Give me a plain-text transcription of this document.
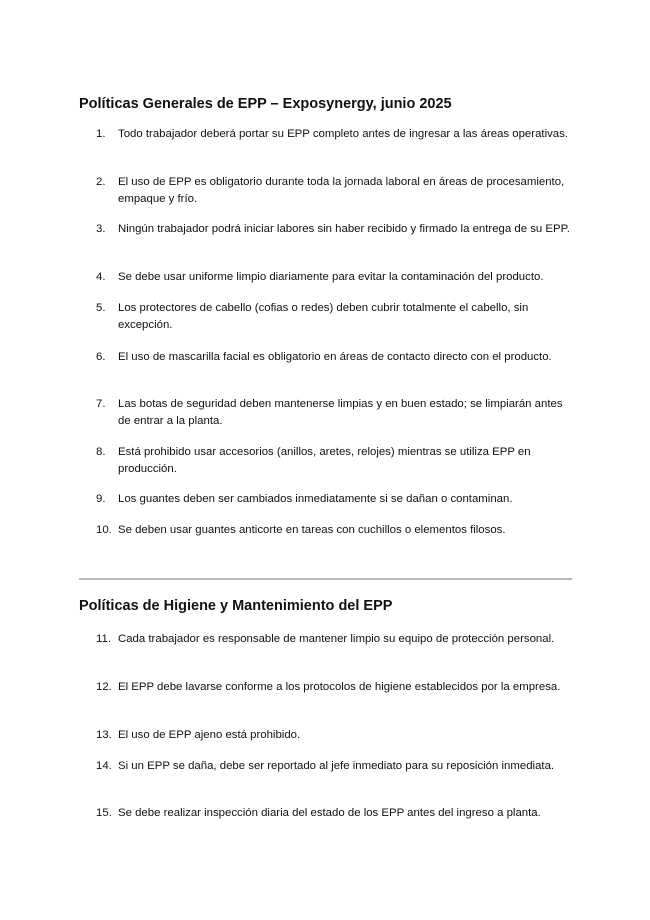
Políticas Generales de EPP – Exposynergy, junio 2025
1.	Todo trabajador deberá portar su EPP completo antes de ingresar a las áreas operativas.
2.	El uso de EPP es obligatorio durante toda la jornada laboral en áreas de procesamiento, empaque y frío.
3.	Ningún trabajador podrá iniciar labores sin haber recibido y firmado la entrega de su EPP.
4.	Se debe usar uniforme limpio diariamente para evitar la contaminación del producto.
5.	Los protectores de cabello (cofias o redes) deben cubrir totalmente el cabello, sin excepción.
6.	El uso de mascarilla facial es obligatorio en áreas de contacto directo con el producto.
7.	Las botas de seguridad deben mantenerse limpias y en buen estado; se limpiarán antes de entrar a la planta.
8.	Está prohibido usar accesorios (anillos, aretes, relojes) mientras se utiliza EPP en producción.
9.	Los guantes deben ser cambiados inmediatamente si se dañan o contaminan.
10. Se deben usar guantes anticorte en tareas con cuchillos o elementos filosos.
Políticas de Higiene y Mantenimiento del EPP
11. Cada trabajador es responsable de mantener limpio su equipo de protección personal.
12. El EPP debe lavarse conforme a los protocolos de higiene establecidos por la empresa.
13. El uso de EPP ajeno está prohibido.
14. Si un EPP se daña, debe ser reportado al jefe inmediato para su reposición inmediata.
15. Se debe realizar inspección diaria del estado de los EPP antes del ingreso a planta.
